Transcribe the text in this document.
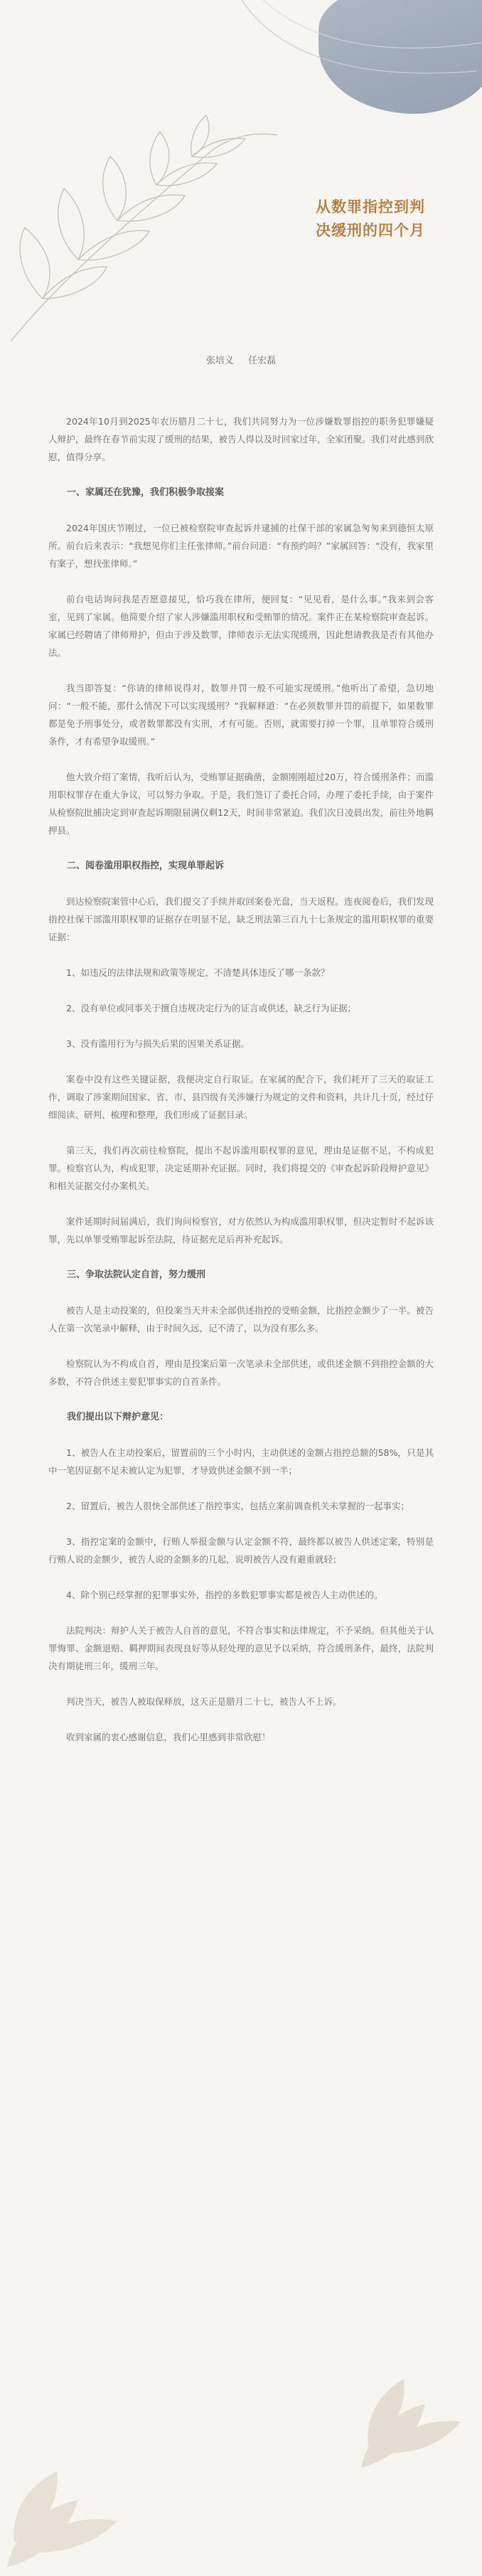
从数罪指控到判
决缓刑的四个月
张培义 任宏磊

2024年10月到2025年农历腊月二十七，我们共同努力为一位涉嫌数罪指控的职务犯罪嫌疑人辩护，最终在春节前实现了缓刑的结果，被告人得以及时回家过年，全家团聚。我们对此感到欣慰，值得分享。

一、家属还在犹豫，我们积极争取接案

2024年国庆节刚过，一位已被检察院审查起诉并逮捕的社保干部的家属急匆匆来到德恒太原所。前台后来表示：“我想见你们主任张律师。”前台问道：“有预约吗？”家属回答：“没有，我家里有案子，想找张律师。”

前台电话询问我是否愿意接见，恰巧我在律所，便回复：“见见看，是什么事。”我来到会客室，见到了家属。他简要介绍了家人涉嫌滥用职权和受贿罪的情况。案件正在某检察院审查起诉。家属已经聘请了律师辩护，但由于涉及数罪，律师表示无法实现缓刑，因此想请教我是否有其他办法。

我当即答复：“你请的律师说得对，数罪并罚一般不可能实现缓刑。”他听出了希望，急切地问：“一般不能，那什么情况下可以实现缓刑？”我解释道：“在必须数罪并罚的前提下，如果数罪都是免予刑事处分，或者数罪都没有实刑，才有可能。否则，就需要打掉一个罪，且单罪符合缓刑条件，才有希望争取缓刑。”

他大致介绍了案情，我听后认为，受贿罪证据确凿，金额刚刚超过20万，符合缓刑条件；而滥用职权罪存在重大争议，可以努力争取。于是，我们签订了委托合同，办理了委托手续，由于案件从检察院批捕决定到审查起诉期限届满仅剩12天，时间非常紧迫。我们次日凌晨出发，前往外地羁押县。

二、阅卷滥用职权指控，实现单罪起诉

到达检察院案管中心后，我们提交了手续并取回案卷光盘，当天返程。连夜阅卷后，我们发现指控社保干部滥用职权罪的证据存在明显不足，缺乏刑法第三百九十七条规定的滥用职权罪的重要证据：

1、如违反的法律法规和政策等规定，不清楚具体违反了哪一条款？

2、没有单位或同事关于擅自违规决定行为的证言或供述，缺乏行为证据；

3、没有滥用行为与损失后果的因果关系证据。

案卷中没有这些关键证据，我便决定自行取证。在家属的配合下，我们耗开了三天的取证工作，调取了涉案期间国家、省、市、县四级有关涉嫌行为规定的文件和资料，共计几十页，经过仔细阅读、研判、梳理和整理，我们形成了证据目录。

第三天，我们再次前往检察院，提出不起诉滥用职权罪的意见，理由是证据不足，不构成犯罪。检察官认为，构成犯罪，决定延期补充证据。同时，我们将提交的《审查起诉阶段辩护意见》和相关证据交付办案机关。

案件延期时间届满后，我们询问检察官，对方依然认为构成滥用职权罪，但决定暂时不起诉该罪，先以单罪受贿罪起诉至法院，待证据充足后再补充起诉。

三、争取法院认定自首，努力缓刑

被告人是主动投案的，但投案当天并未全部供述指控的受贿金额，比指控金额少了一半。被告人在第一次笔录中解释，由于时间久远，记不清了，以为没有那么多。

检察院认为不构成自首，理由是投案后第一次笔录未全部供述，或供述金额不到指控金额的大多数，不符合供述主要犯罪事实的自首条件。

我们提出以下辩护意见：

1、被告人在主动投案后，留置前的三个小时内，主动供述的金额占指控总额的58%，只是其中一笔因证据不足未被认定为犯罪，才导致供述金额不到一半；

2、留置后，被告人很快全部供述了指控事实，包括立案前调查机关未掌握的一起事实；

3、指控定案的金额中，行贿人举报金额与认定金额不符，最终都以被告人供述定案，特别是行贿人说的金额少，被告人说的金额多的几起，说明被告人没有避重就轻；

4、除个别已经掌握的犯罪事实外，指控的多数犯罪事实都是被告人主动供述的。

法院判决：辩护人关于被告人自首的意见，不符合事实和法律规定，不予采纳。但其他关于认罪悔罪、金额退赔、羁押期间表现良好等从轻处理的意见予以采纳，符合缓刑条件，最终，法院判决有期徒刑三年，缓刑三年。

判决当天，被告人被取保释放，这天正是腊月二十七，被告人不上诉。

收到家属的衷心感谢信息，我们心里感到非常欣慰！
